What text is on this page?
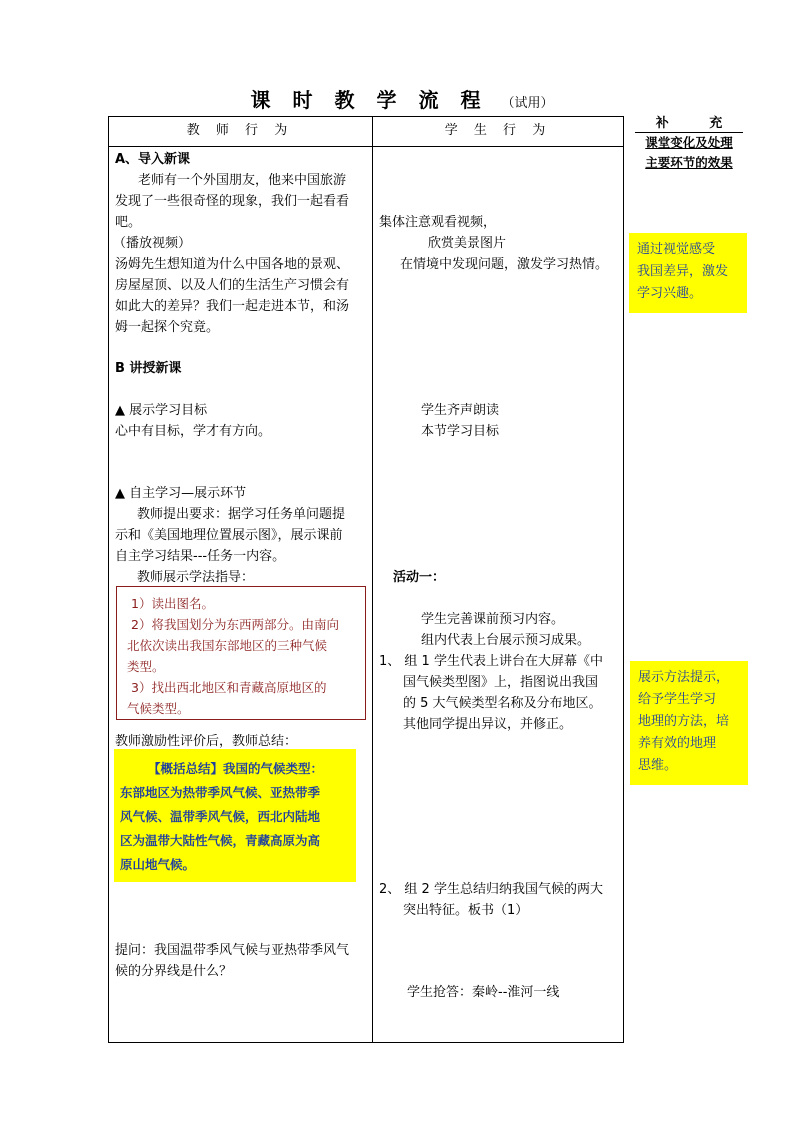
课 时 教 学 流 程 （试用）
教 师 行 为	学 生 行 为	补 充
课堂变化及处理
主要环节的效果
通过视觉感受
我国差异，激发
学习兴趣。
展示方法提示，
给予学生学习
地理的方法，培
养有效的地理
思维。
A、导入新课
老师有一个外国朋友，他来中国旅游
发现了一些很奇怪的现象，我们一起看看
吧。
（播放视频）
汤姆先生想知道为什么中国各地的景观、
房屋屋顶、以及人们的生活生产习惯会有
如此大的差异？我们一起走进本节，和汤
姆一起探个究竟。
B 讲授新课
▲ 展示学习目标
心中有目标，学才有方向。
▲ 自主学习—展示环节
教师提出要求：据学习任务单问题提
示和《美国地理位置展示图》，展示课前
自主学习结果---任务一内容。
教师展示学法指导：
1）读出图名。
2）将我国划分为东西两部分。由南向
北依次读出我国东部地区的三种气候
类型。
3）找出西北地区和青藏高原地区的
气候类型。
教师激励性评价后，教师总结：
【概括总结】我国的气候类型：
东部地区为热带季风气候、亚热带季
风气候、温带季风气候，西北内陆地
区为温带大陆性气候，青藏高原为高
原山地气候。
提问：我国温带季风气候与亚热带季风气
候的分界线是什么？
集体注意观看视频，
欣赏美景图片
在情境中发现问题，激发学习热情。
学生齐声朗读
本节学习目标
活动一：
学生完善课前预习内容。
组内代表上台展示预习成果。
1、 组 1 学生代表上讲台在大屏幕《中
国气候类型图》上，指图说出我国
的 5 大气候类型名称及分布地区。
其他同学提出异议，并修正。
2、 组 2 学生总结归纳我国气候的两大
突出特征。板书（1）
学生抢答：秦岭--淮河一线
